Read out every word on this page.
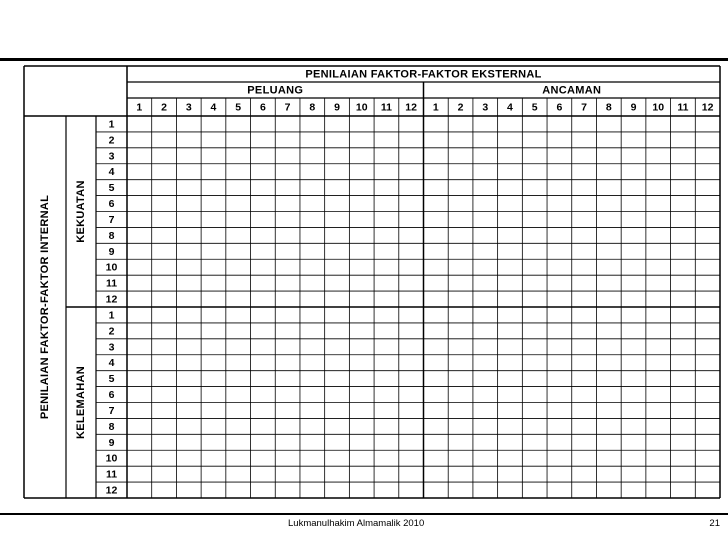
PENILAIAN FAKTOR-FAKTOR EKSTERNAL
PELUANG
1 2 3 4 5 6 7 8 9 10 11 12
ANCAMAN
1 2 3 4 5 6 7 8 9 10 11 12
PENILAIAN FAKTOR-FAKTOR INTERNAL KEKUATAN
1
2
3
4
5
6
7
8
9
10
11
12
KELEMAHAN
1
2
3
4
5
6
7
8
9
10
11
12
Lukmanulhakim Almamalik 2010	21
